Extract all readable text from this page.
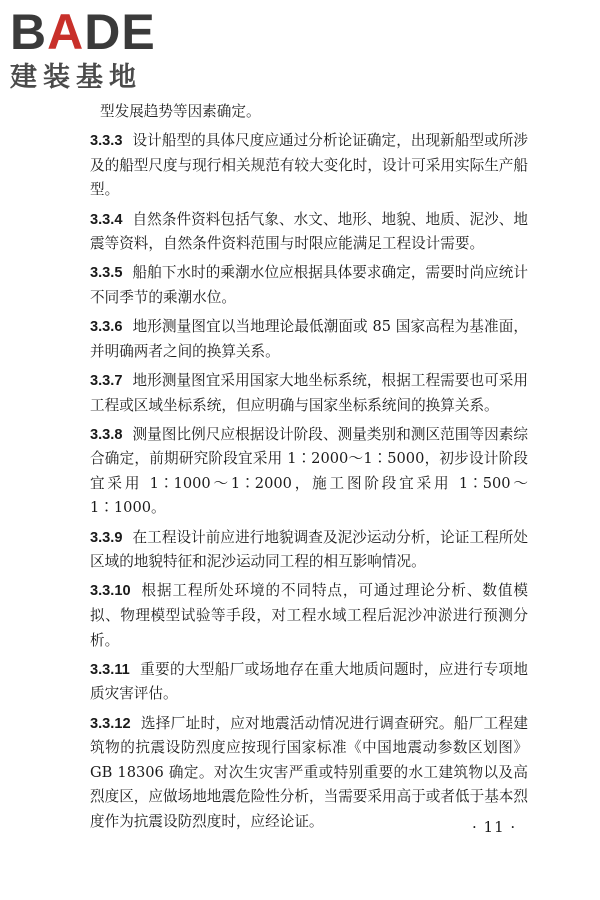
BADE
建装基地

型发展趋势等因素确定。

3.3.3 设计船型的具体尺度应通过分析论证确定，出现新船型或所涉及的船型尺度与现行相关规范有较大变化时，设计可采用实际生产船型。

3.3.4 自然条件资料包括气象、水文、地形、地貌、地质、泥沙、地震等资料，自然条件资料范围与时限应能满足工程设计需要。

3.3.5 船舶下水时的乘潮水位应根据具体要求确定，需要时尚应统计不同季节的乘潮水位。

3.3.6 地形测量图宜以当地理论最低潮面或 85 国家高程为基准面，并明确两者之间的换算关系。

3.3.7 地形测量图宜采用国家大地坐标系统，根据工程需要也可采用工程或区域坐标系统，但应明确与国家坐标系统间的换算关系。

3.3.8 测量图比例尺应根据设计阶段、测量类别和测区范围等因素综合确定，前期研究阶段宜采用 1∶2000～1∶5000，初步设计阶段宜采用 1∶1000～1∶2000，施工图阶段宜采用 1∶500～1∶1000。

3.3.9 在工程设计前应进行地貌调查及泥沙运动分析，论证工程所处区域的地貌特征和泥沙运动同工程的相互影响情况。

3.3.10 根据工程所处环境的不同特点，可通过理论分析、数值模拟、物理模型试验等手段，对工程水域工程后泥沙冲淤进行预测分析。

3.3.11 重要的大型船厂或场地存在重大地质问题时，应进行专项地质灾害评估。

3.3.12 选择厂址时，应对地震活动情况进行调查研究。船厂工程建筑物的抗震设防烈度应按现行国家标准《中国地震动参数区划图》GB 18306 确定。对次生灾害严重或特别重要的水工建筑物以及高烈度区，应做场地地震危险性分析，当需要采用高于或者低于基本烈度作为抗震设防烈度时，应经论证。	· 11 ·
